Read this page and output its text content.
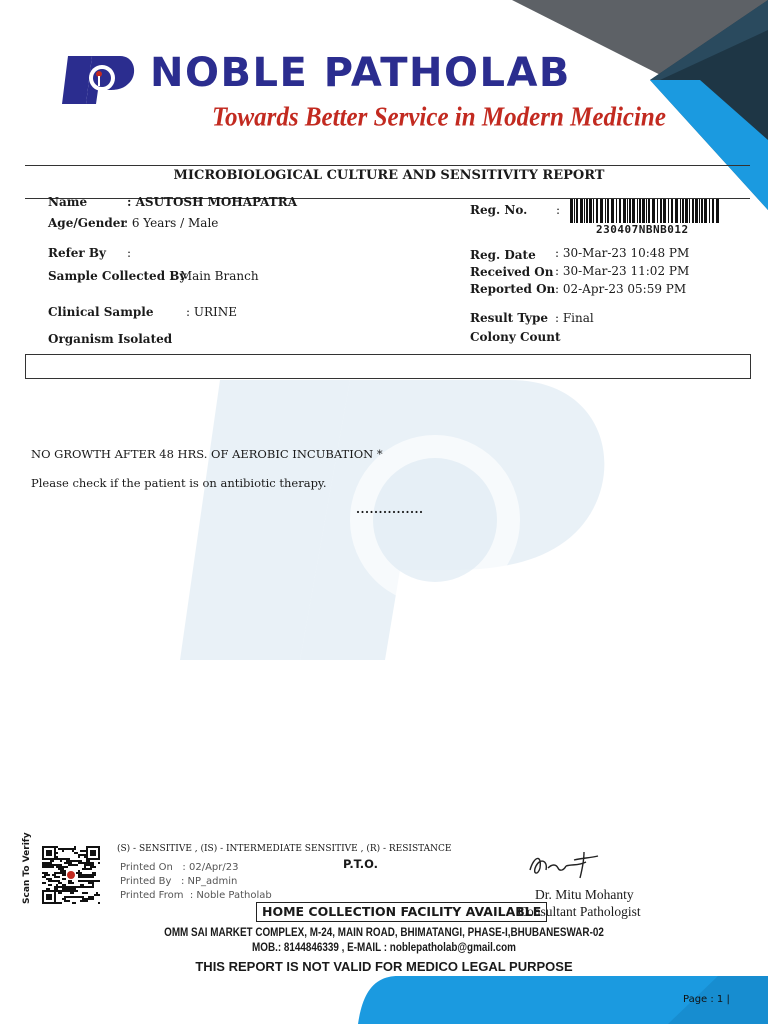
NOBLE PATHOLAB
Towards Better Service in Modern Medicine
MICROBIOLOGICAL CULTURE AND SENSITIVITY REPORT
Name	: ASUTOSH MOHAPATRA
Age/Gender
: 6 Years / Male
Refer By :
Sample Collected By
: Main Branch
Clinical Sample	: URINE
Organism Isolated
Reg. No. :
230407NBNB012
Reg. Date : 30-Mar-23 10:48 PM
Received On : 30-Mar-23 11:02 PM
Reported On : 02-Apr-23 05:59 PM
Result Type : Final
Colony Count
NO GROWTH AFTER 48 HRS. OF AEROBIC INCUBATION *
Please check if the patient is on antibiotic therapy.
...............
Scan To Verify	(S) - SENSITIVE , (IS) - INTERMEDIATE SENSITIVE , (R) - RESISTANCE
P.T.O.
Printed On   : 02/Apr/23
Printed By   : NP_admin
Printed From  : Noble Patholab	Dr. Mitu Mohanty
Consultant Pathologist
HOME COLLECTION FACILITY AVAILABLE
OMM SAI MARKET COMPLEX, M-24, MAIN ROAD, BHIMATANGI, PHASE-I,BHUBANESWAR-02
MOB.: 8144846339 , E-MAIL : noblepatholab@gmail.com
THIS REPORT IS NOT VALID FOR MEDICO LEGAL PURPOSE
Page : 1 |
